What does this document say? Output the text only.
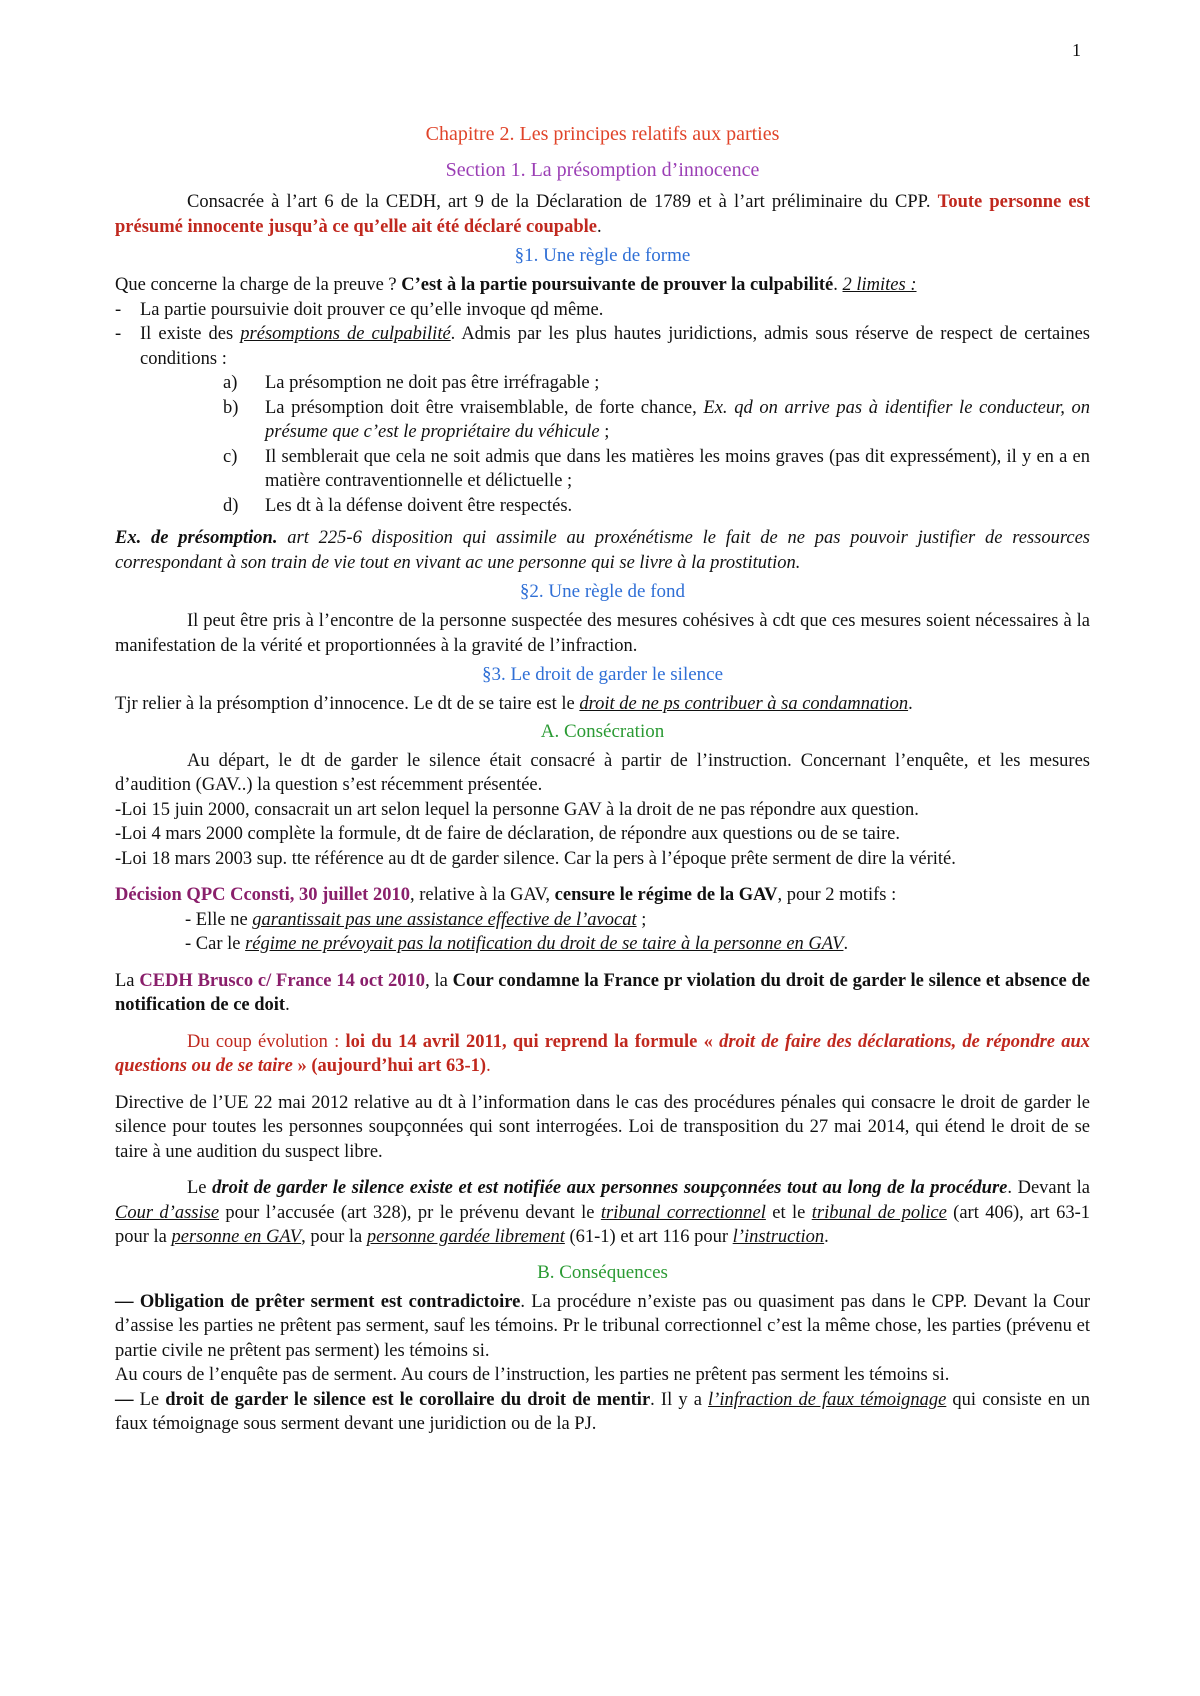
1

Chapitre 2. Les principes relatifs aux parties

Section 1. La présomption d’innocence

Consacrée à l’art 6 de la CEDH, art 9 de la Déclaration de 1789 et à l’art préliminaire du CPP. Toute personne est présumé innocente jusqu’à ce qu’elle ait été déclaré coupable.

§1. Une règle de forme

Que concerne la charge de la preuve ? C’est à la partie poursuivante de prouver la culpabilité. 2 limites :

-	La partie poursuivie doit prouver ce qu’elle invoque qd même.
-	Il existe des présomptions de culpabilité. Admis par les plus hautes juridictions, admis sous réserve de respect de certaines conditions :
a)	La présomption ne doit pas être irréfragable ;
b)	La présomption doit être vraisemblable, de forte chance, Ex. qd on arrive pas à identifier le conducteur, on présume que c’est le propriétaire du véhicule ;
c)	Il semblerait que cela ne soit admis que dans les matières les moins graves (pas dit expressément), il y en a en matière contraventionnelle et délictuelle ;
d)	Les dt à la défense doivent être respectés.

Ex. de présomption. art 225-6 disposition qui assimile au proxénétisme le fait de ne pas pouvoir justifier de ressources correspondant à son train de vie tout en vivant ac une personne qui se livre à la prostitution.

§2. Une règle de fond

Il peut être pris à l’encontre de la personne suspectée des mesures cohésives à cdt que ces mesures soient nécessaires à la manifestation de la vérité et proportionnées à la gravité de l’infraction.

§3. Le droit de garder le silence

Tjr relier à la présomption d’innocence. Le dt de se taire est le droit de ne ps contribuer à sa condamnation.

A. Consécration

Au départ, le dt de garder le silence était consacré à partir de l’instruction. Concernant l’enquête, et les mesures d’audition (GAV..) la question s’est récemment présentée.

-Loi 15 juin 2000, consacrait un art selon lequel la personne GAV à la droit de ne pas répondre aux question.

-Loi 4 mars 2000 complète la formule, dt de faire de déclaration, de répondre aux questions ou de se taire.

-Loi 18 mars 2003 sup. tte référence au dt de garder silence. Car la pers à l’époque prête serment de dire la vérité.

Décision QPC Cconsti, 30 juillet 2010, relative à la GAV, censure le régime de la GAV, pour 2 motifs :

- Elle ne garantissait pas une assistance effective de l’avocat ;

- Car le régime ne prévoyait pas la notification du droit de se taire à la personne en GAV.

La CEDH Brusco c/ France 14 oct 2010, la Cour condamne la France pr violation du droit de garder le silence et absence de notification de ce doit.

Du coup évolution : loi du 14 avril 2011, qui reprend la formule « droit de faire des déclarations, de répondre aux questions ou de se taire » (aujourd’hui art 63-1).

Directive de l’UE 22 mai 2012 relative au dt à l’information dans le cas des procédures pénales qui consacre le droit de garder le silence pour toutes les personnes soupçonnées qui sont interrogées. Loi de transposition du 27 mai 2014, qui étend le droit de se taire à une audition du suspect libre.

Le droit de garder le silence existe et est notifiée aux personnes soupçonnées tout au long de la procédure. Devant la Cour d’assise pour l’accusée (art 328), pr le prévenu devant le tribunal correctionnel et le tribunal de police (art 406), art 63-1 pour la personne en GAV, pour la personne gardée librement (61-1) et art 116 pour l’instruction.

B. Conséquences

— Obligation de prêter serment est contradictoire. La procédure n’existe pas ou quasiment pas dans le CPP. Devant la Cour d’assise les parties ne prêtent pas serment, sauf les témoins. Pr le tribunal correctionnel c’est la même chose, les parties (prévenu et partie civile ne prêtent pas serment) les témoins si.

Au cours de l’enquête pas de serment. Au cours de l’instruction, les parties ne prêtent pas serment les témoins si.

— Le droit de garder le silence est le corollaire du droit de mentir. Il y a l’infraction de faux témoignage qui consiste en un faux témoignage sous serment devant une juridiction ou de la PJ.
